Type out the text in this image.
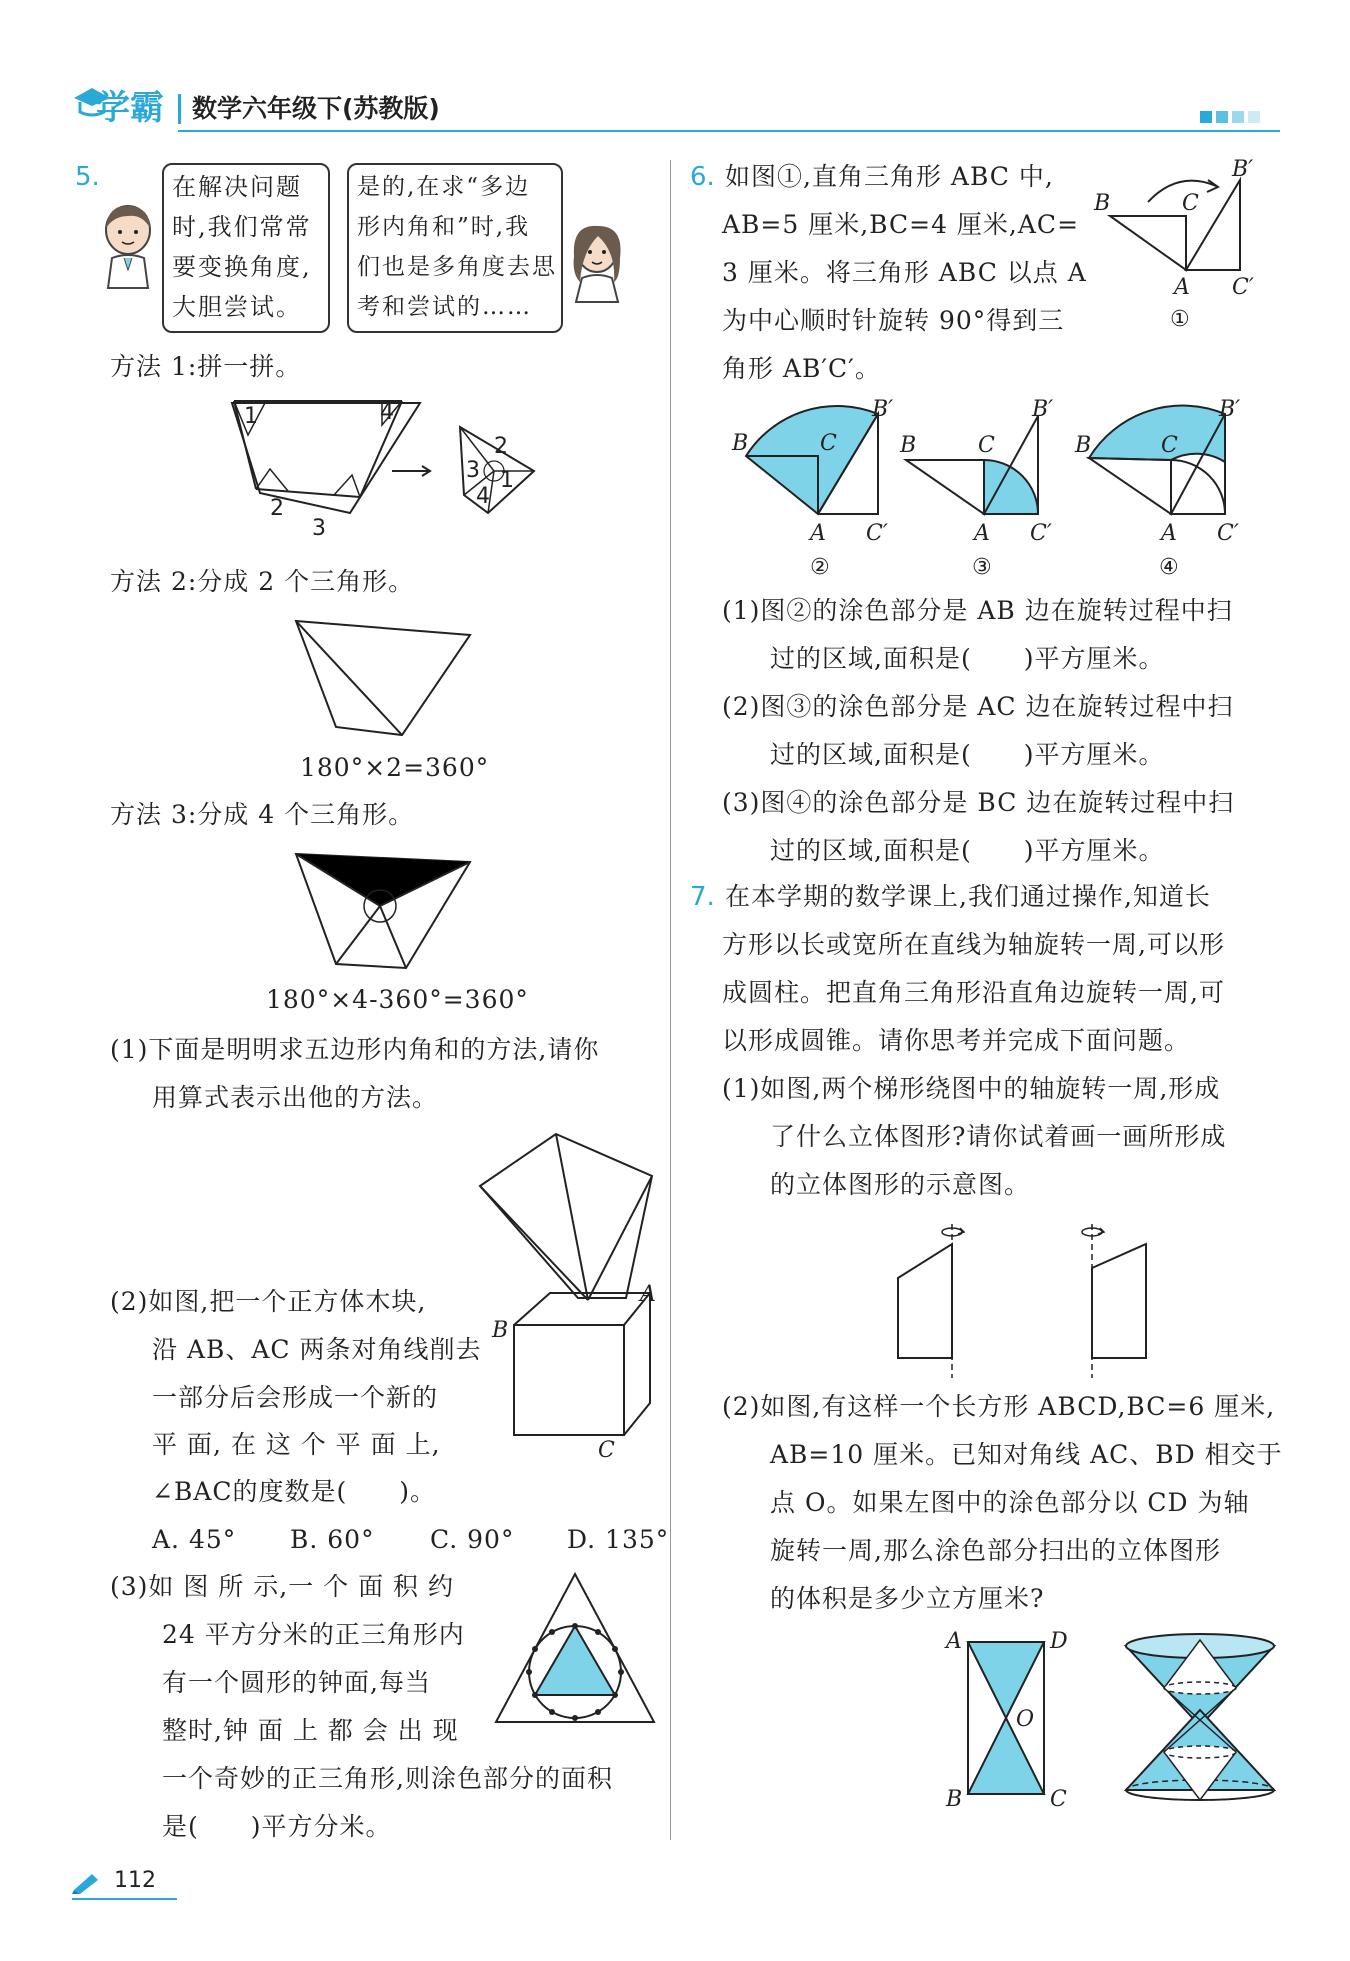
学霸 数学六年级下(苏教版)
5.	在解决问题
时,我们常常
要变换角度,
大胆尝试。
是的,在求“多边
形内角和”时,我
们也是多角度去思
考和尝试的……
方法 1:拼一拼。
1	4
2
3
2
3 1
4
方法 2:分成 2 个三角形。
180°×2=360°
方法 3:分成 4 个三角形。
180°×4-360°=360°
(1)下面是明明求五边形内角和的方法,请你
用算式表示出他的方法。
(2)如图,把一个正方体木块,
沿 AB、AC 两条对角线削去
一部分后会形成一个新的
平 面, 在 这 个 平 面 上,
∠BAC的度数是(　　)。
A
B
C
A. 45° B. 60° C. 90° D. 135°
(3)如 图 所 示,一 个 面 积 约
24 平方分米的正三角形内
有一个圆形的钟面,每当
整时,钟 面 上 都 会 出 现
一个奇妙的正三角形,则涂色部分的面积
是(　　)平方分米。
6. 如图①,直角三角形 ABC 中,
AB=5 厘米,BC=4 厘米,AC=
3 厘米。将三角形 ABC 以点 A
为中心顺时针旋转 90°得到三
角形 AB′C′。
B	C
B′
A C′
①
B	C
B′
A C′
②
B	C
B′
A C′
③
B	C
B′
A C′
④
(1)图②的涂色部分是 AB 边在旋转过程中扫
过的区域,面积是(　　)平方厘米。
(2)图③的涂色部分是 AC 边在旋转过程中扫
过的区域,面积是(　　)平方厘米。
(3)图④的涂色部分是 BC 边在旋转过程中扫
过的区域,面积是(　　)平方厘米。
7. 在本学期的数学课上,我们通过操作,知道长
方形以长或宽所在直线为轴旋转一周,可以形
成圆柱。把直角三角形沿直角边旋转一周,可
以形成圆锥。请你思考并完成下面问题。
(1)如图,两个梯形绕图中的轴旋转一周,形成
了什么立体图形?请你试着画一画所形成
的立体图形的示意图。
(2)如图,有这样一个长方形 ABCD,BC=6 厘米,
AB=10 厘米。已知对角线 AC、BD 相交于
点 O。如果左图中的涂色部分以 CD 为轴
旋转一周,那么涂色部分扫出的立体图形
的体积是多少立方厘米?
A	D
O
B	C
112
